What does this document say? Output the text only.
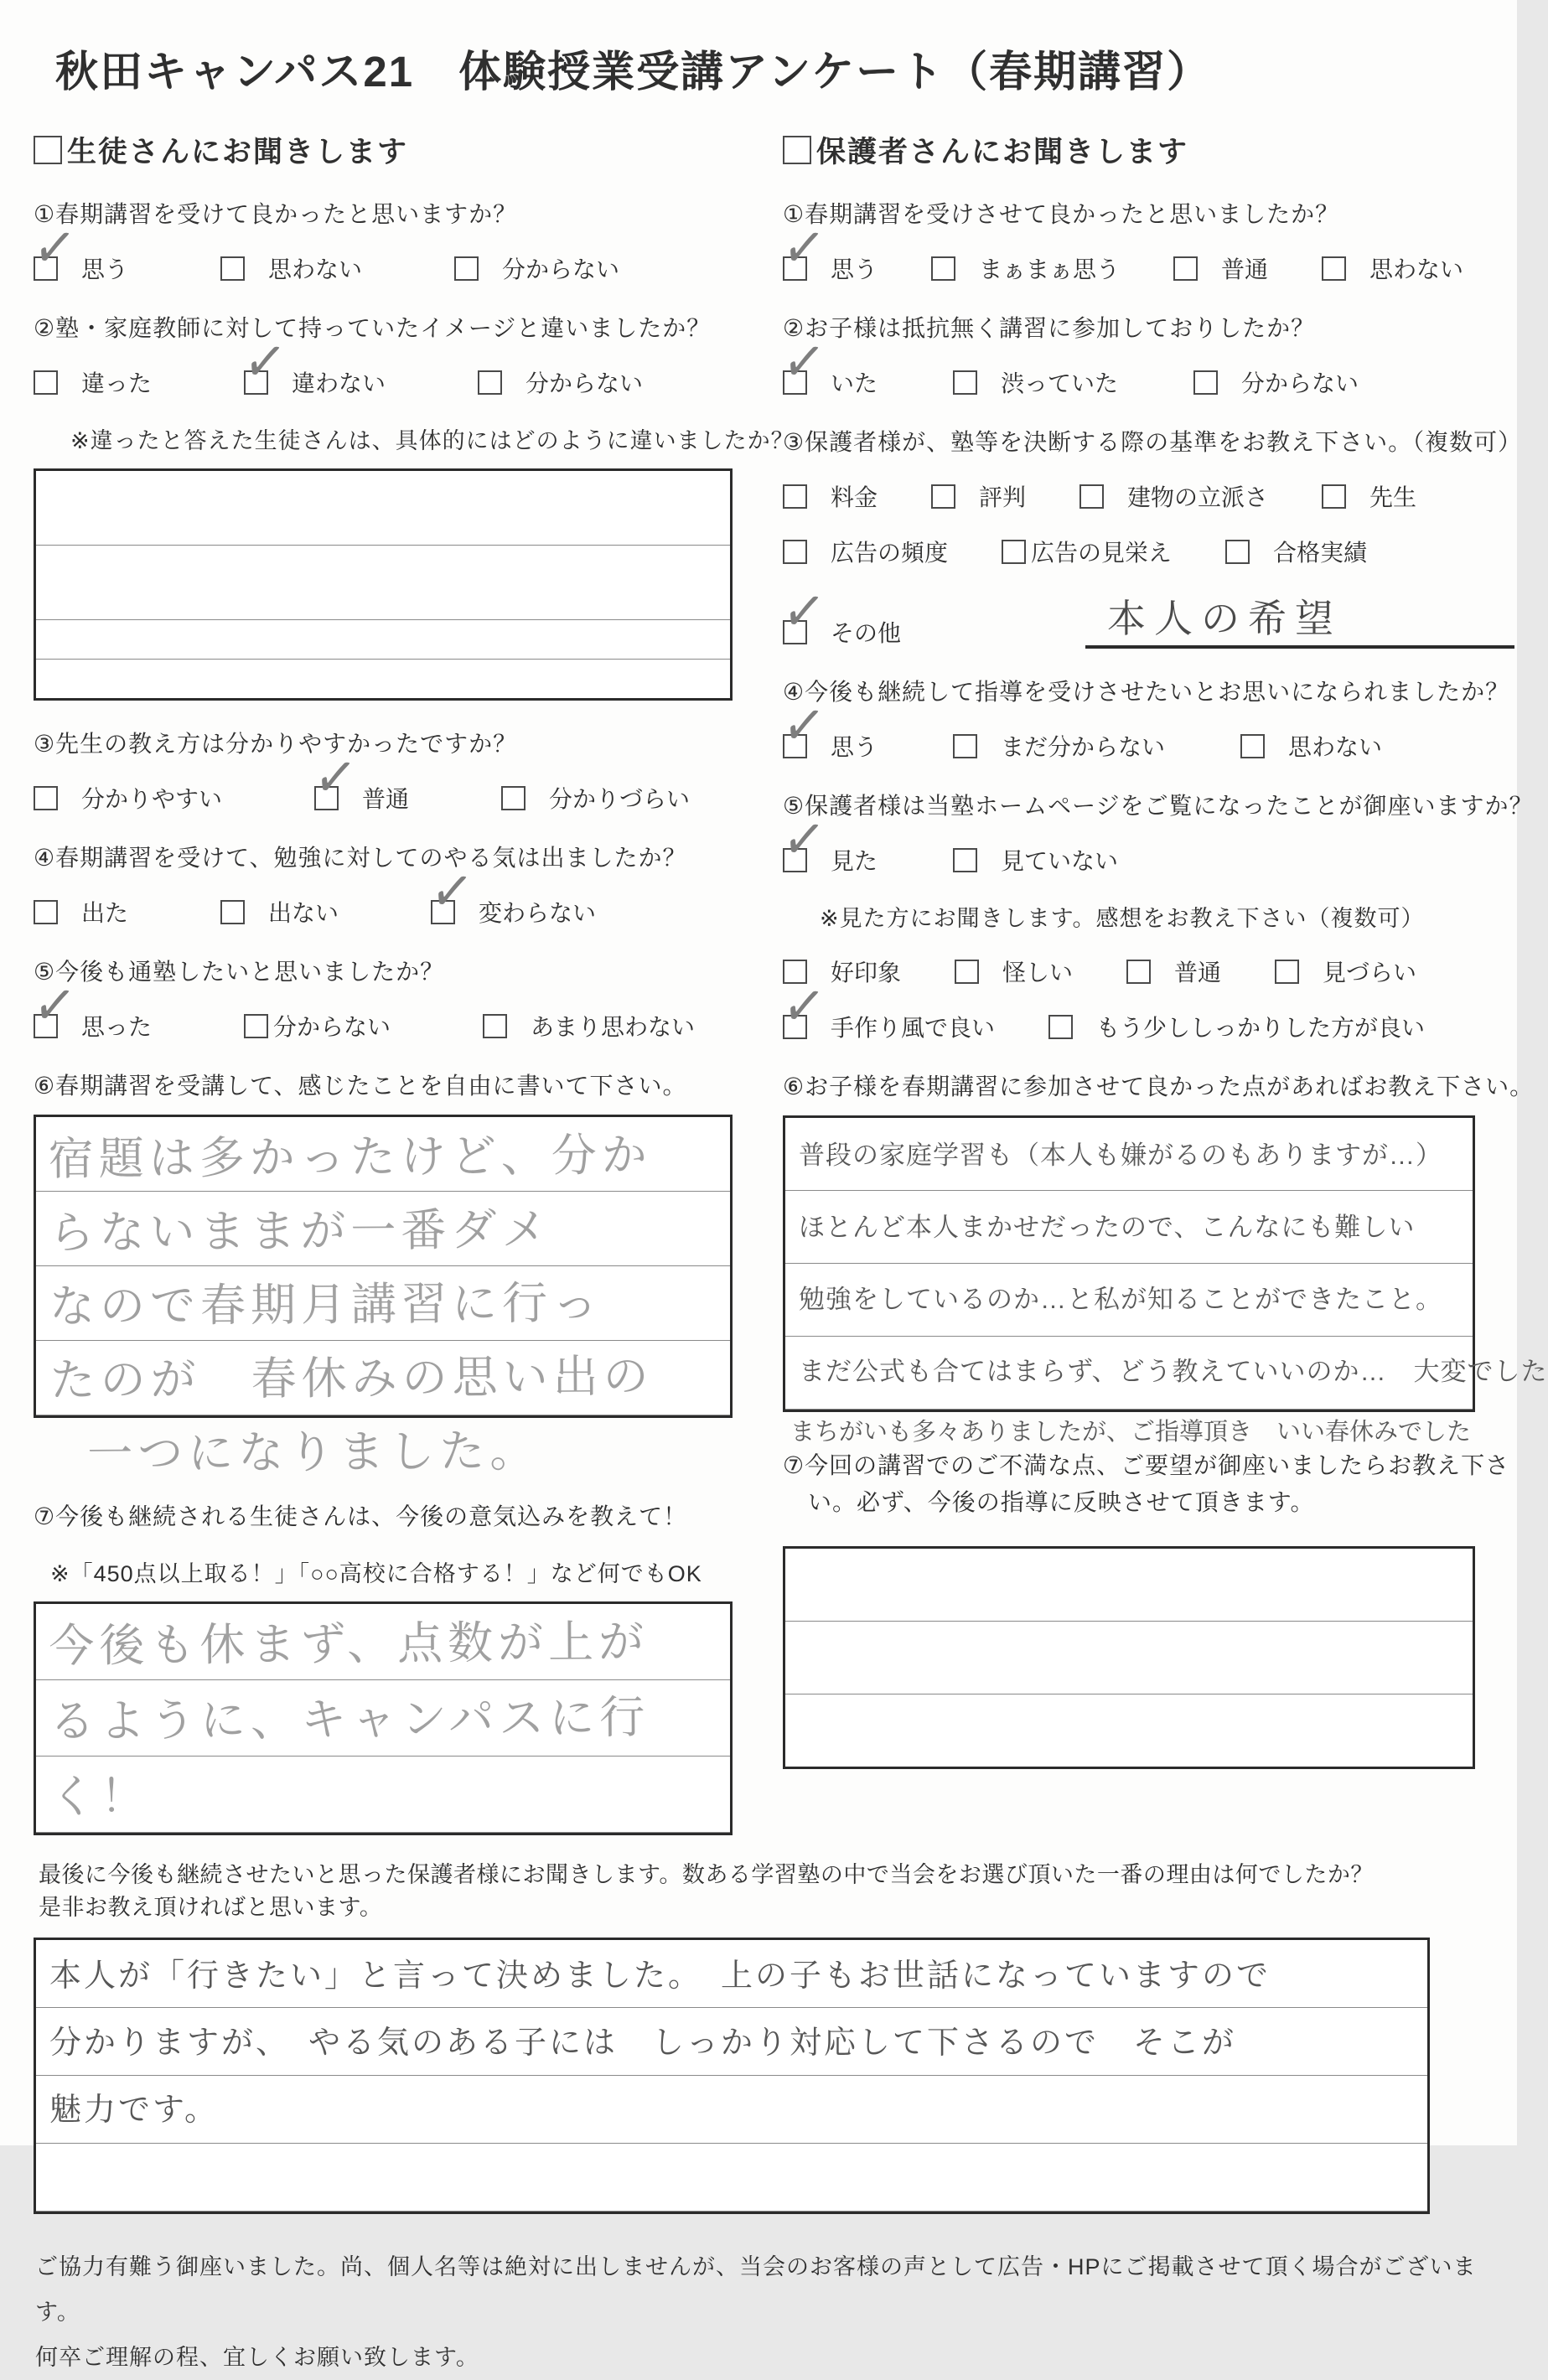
秋田キャンパス21　体験授業受講アンケート（春期講習）
生徒さんにお聞きします
①春期講習を受けて良かったと思いますか？
✓
思う	思わない	分からない
②塾・家庭教師に対して持っていたイメージと違いましたか？
違った ✓	違わない	分からない
※違ったと答えた生徒さんは、具体的にはどのように違いましたか？
③先生の教え方は分かりやすかったですか？
分かりやすい ✓	普通	分かりづらい
④春期講習を受けて、勉強に対してのやる気は出ましたか？
出た	出ない ✓	変わらない
⑤今後も通塾したいと思いましたか？
✓
思った	分からない	あまり思わない
⑥春期講習を受講して、感じたことを自由に書いて下さい。
宿題は多かったけど、分か
らないままが一番ダメ
なので春期月講習に行っ
たのが　春休みの思い出の
一つになりました。
⑦今後も継続される生徒さんは、今後の意気込みを教えて！
※「450点以上取る！」「○○高校に合格する！」など何でもOK
今後も休まず、点数が上が
るように、キャンパスに行
く！
保護者さんにお聞きします
①春期講習を受けさせて良かったと思いましたか？
✓
思う	まぁまぁ思う	普通	思わない
②お子様は抵抗無く講習に参加しておりしたか？
✓
いた	渋っていた	分からない
③保護者様が、塾等を決断する際の基準をお教え下さい。（複数可）
料金	評判	建物の立派さ	先生
広告の頻度	広告の見栄え	合格実績
✓
その他	本人の希望
④今後も継続して指導を受けさせたいとお思いになられましたか？
✓
思う	まだ分からない	思わない
⑤保護者様は当塾ホームページをご覧になったことが御座いますか？
✓
見た	見ていない
※見た方にお聞きします。感想をお教え下さい（複数可）
好印象	怪しい	普通	見づらい
✓
手作り風で良い	もう少ししっかりした方が良い
⑥お子様を春期講習に参加させて良かった点があればお教え下さい。
普段の家庭学習も（本人も嫌がるのもありますが…）
ほとんど本人まかせだったので、こんなにも難しい
勉強をしているのか…と私が知ることができたこと。
まだ公式も合てはまらず、どう教えていいのか…　大変でした
まちがいも多々ありましたが、ご指導頂き　いい春休みでした
⑦今回の講習でのご不満な点、ご要望が御座いましたらお教え下さ
い。必ず、今後の指導に反映させて頂きます。
最後に今後も継続させたいと思った保護者様にお聞きします。数ある学習塾の中で当会をお選び頂いた一番の理由は何でしたか？
是非お教え頂ければと思います。
本人が「行きたい」と言って決めました。　上の子もお世話になっていますので
分かりますが、　やる気のある子には　しっかり対応して下さるので　そこが
魅力です。
ご協力有難う御座いました。尚、個人名等は絶対に出しませんが、当会のお客様の声として広告・HPにご掲載させて頂く場合がございます。
何卒ご理解の程、宜しくお願い致します。
